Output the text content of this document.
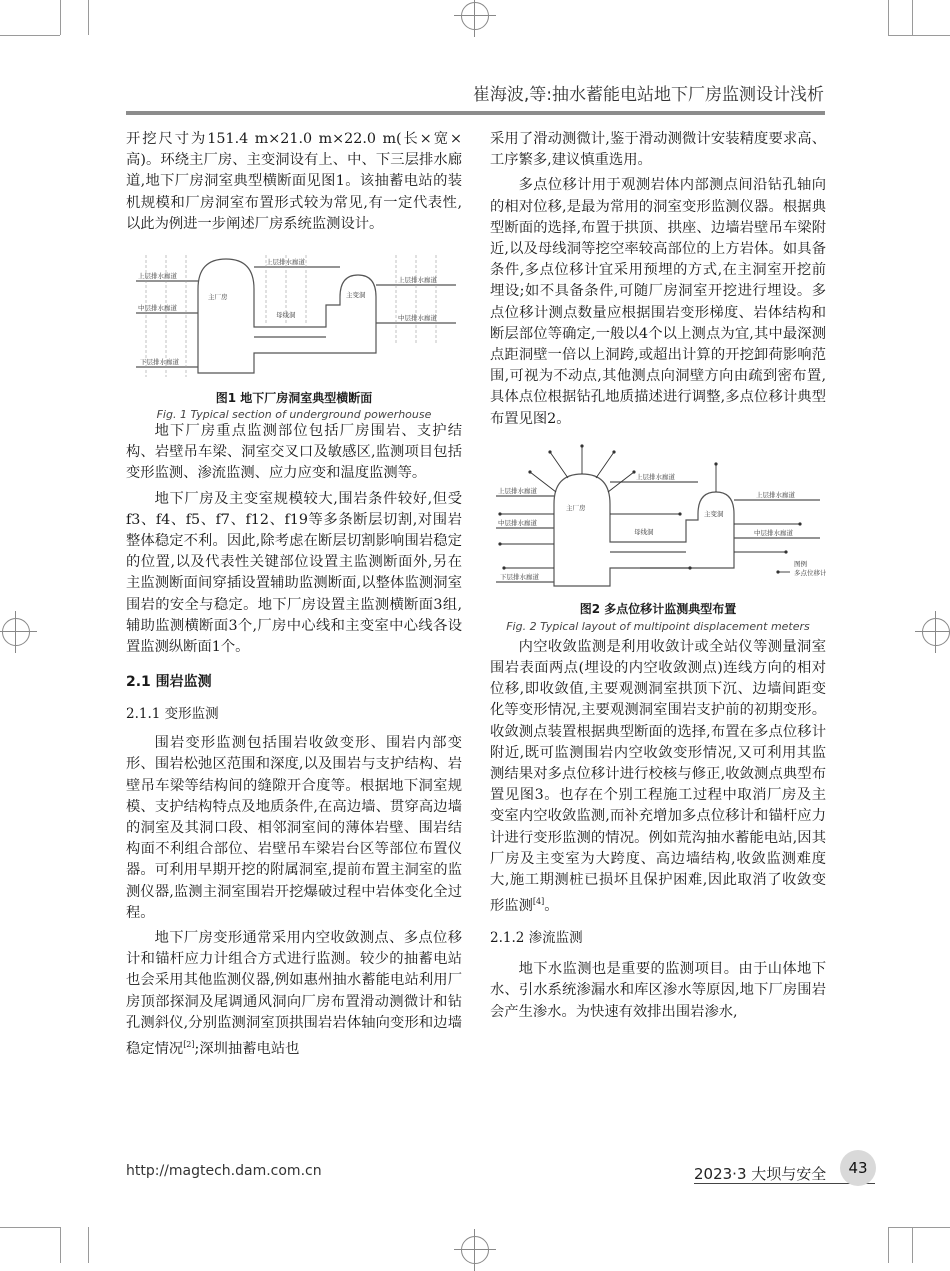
崔海波,等:抽水蓄能电站地下厂房监测设计浅析

开挖尺寸为151.4 m×21.0 m×22.0 m(长×宽×高)。环绕主厂房、主变洞设有上、中、下三层排水廊道,地下厂房洞室典型横断面见图1。该抽蓄电站的装机规模和厂房洞室布置形式较为常见,有一定代表性,以此为例进一步阐述厂房系统监测设计。

上层排水廊道
上层排水廊道
上层排水廊道
中层排水廊道
中层排水廊道
下层排水廊道
主厂房	主变洞
母线洞
图1 地下厂房洞室典型横断面
Fig. 1 Typical section of underground powerhouse

地下厂房重点监测部位包括厂房围岩、支护结构、岩壁吊车梁、洞室交叉口及敏感区,监测项目包括变形监测、渗流监测、应力应变和温度监测等。

地下厂房及主变室规模较大,围岩条件较好,但受f3、f4、f5、f7、f12、f19等多条断层切割,对围岩整体稳定不利。因此,除考虑在断层切割影响围岩稳定的位置,以及代表性关键部位设置主监测断面外,另在主监测断面间穿插设置辅助监测断面,以整体监测洞室围岩的安全与稳定。地下厂房设置主监测横断面3组,辅助监测横断面3个,厂房中心线和主变室中心线各设置监测纵断面1个。

2.1 围岩监测
2.1.1 变形监测

围岩变形监测包括围岩收敛变形、围岩内部变形、围岩松弛区范围和深度,以及围岩与支护结构、岩壁吊车梁等结构间的缝隙开合度等。根据地下洞室规模、支护结构特点及地质条件,在高边墙、贯穿高边墙的洞室及其洞口段、相邻洞室间的薄体岩壁、围岩结构面不利组合部位、岩壁吊车梁岩台区等部位布置仪器。可利用早期开挖的附属洞室,提前布置主洞室的监测仪器,监测主洞室围岩开挖爆破过程中岩体变化全过程。

地下厂房变形通常采用内空收敛测点、多点位移计和锚杆应力计组合方式进行监测。较少的抽蓄电站也会采用其他监测仪器,例如惠州抽水蓄能电站利用厂房顶部探洞及尾调通风洞向厂房布置滑动测微计和钻孔测斜仪,分别监测洞室顶拱围岩岩体轴向变形和边墙稳定情况[2];深圳抽蓄电站也

采用了滑动测微计,鉴于滑动测微计安装精度要求高、工序繁多,建议慎重选用。

多点位移计用于观测岩体内部测点间沿钻孔轴向的相对位移,是最为常用的洞室变形监测仪器。根据典型断面的选择,布置于拱顶、拱座、边墙岩壁吊车梁附近,以及母线洞等挖空率较高部位的上方岩体。如具备条件,多点位移计宜采用预埋的方式,在主洞室开挖前埋设;如不具备条件,可随厂房洞室开挖进行埋设。多点位移计测点数量应根据围岩变形梯度、岩体结构和断层部位等确定,一般以4个以上测点为宜,其中最深测点距洞壁一倍以上洞跨,或超出计算的开挖卸荷影响范围,可视为不动点,其他测点向洞壁方向由疏到密布置,具体点位根据钻孔地质描述进行调整,多点位移计典型布置见图2。

上层排水廊道
上层排水廊道
上层排水廊道
中层排水廊道
中层排水廊道
下层排水廊道
主厂房
主变洞
母线洞
图例
多点位移计
图2 多点位移计监测典型布置
Fig. 2 Typical layout of multipoint displacement meters

内空收敛监测是利用收敛计或全站仪等测量洞室围岩表面两点(埋设的内空收敛测点)连线方向的相对位移,即收敛值,主要观测洞室拱顶下沉、边墙间距变化等变形情况,主要观测洞室围岩支护前的初期变形。收敛测点装置根据典型断面的选择,布置在多点位移计附近,既可监测围岩内空收敛变形情况,又可利用其监测结果对多点位移计进行校核与修正,收敛测点典型布置见图3。也存在个别工程施工过程中取消厂房及主变室内空收敛监测,而补充增加多点位移计和锚杆应力计进行变形监测的情况。例如荒沟抽水蓄能电站,因其厂房及主变室为大跨度、高边墙结构,收敛监测难度大,施工期测桩已损坏且保护困难,因此取消了收敛变形监测[4]。

2.1.2 渗流监测

地下水监测也是重要的监测项目。由于山体地下水、引水系统渗漏水和库区渗水等原因,地下厂房围岩会产生渗水。为快速有效排出围岩渗水,

http://magtech.dam.com.cn	2023·3 大坝与安全	43
